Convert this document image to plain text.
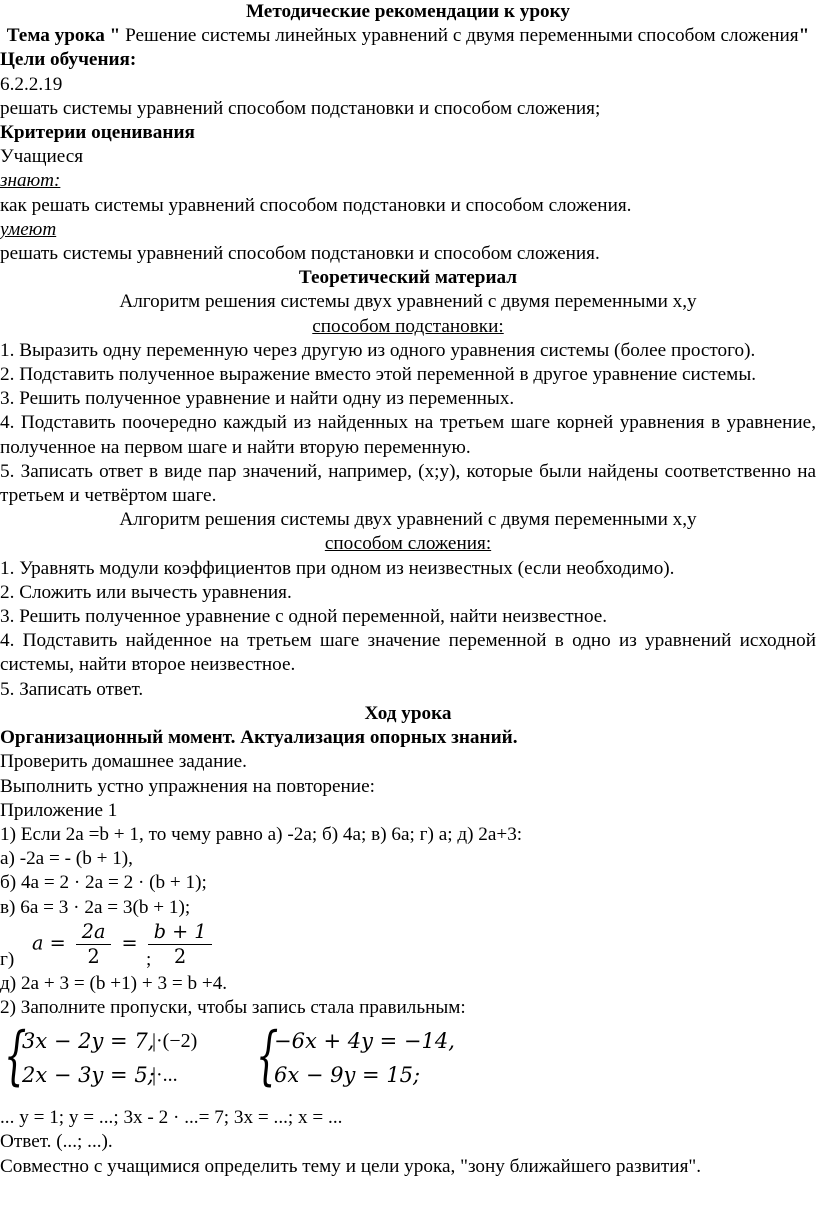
Методические рекомендации к уроку

Тема урока " Решение системы линейных уравнений с двумя переменными способом сложения"

Цели обучения:

6.2.2.19

решать системы уравнений способом подстановки и способом сложения;

Критерии оценивания

Учащиеся

знают:

как решать системы уравнений способом подстановки и способом сложения.

умеют

решать системы уравнений способом подстановки и способом сложения.

Теоретический материал

Алгоритм решения системы двух уравнений с двумя переменными x,y

способом подстановки:

1. Выразить одну переменную через другую из одного уравнения системы (более простого).

2. Подставить полученное выражение вместо этой переменной в другое уравнение системы.

3. Решить полученное уравнение и найти одну из переменных.

4. Подставить поочередно каждый из найденных на третьем шаге корней уравнения в уравнение, полученное на первом шаге и найти вторую переменную.

5. Записать ответ в виде пар значений, например, (x;y), которые были найдены соответственно на третьем и четвёртом шаге.

Алгоритм решения системы двух уравнений с двумя переменными x,y

способом сложения:

1. Уравнять модули коэффициентов при одном из неизвестных (если необходимо).

2. Сложить или вычесть уравнения.

3. Решить полученное уравнение с одной переменной, найти неизвестное.

4. Подставить найденное на третьем шаге значение переменной в одно из уравнений исходной системы, найти второе неизвестное.

5. Записать ответ.

Ход урока

Организационный момент. Актуализация опорных знаний.

Проверить домашнее задание.

Выполнить устно упражнения на повторение:

Приложение 1

1) Если 2a =b + 1, то чему равно а) -2a; б) 4a; в) 6a; г) a; д) 2a+3:

а) -2a = - (b + 1),

б) 4a = 2 · 2a = 2 · (b + 1);

в) 6a = 3 · 2a = 3(b + 1);

г)
$a = \frac{2a}{2} = \frac{b + 1}{2}$
;

д) 2a + 3 = (b +1) + 3 = b +4.

2) Заполните пропуски, чтобы запись стала правильным:

{
3x − 2y = 7,
2x − 3y = 5;
|·(−2)
|·...	{
−6x + 4y = −14,
6x − 9y = 15;

... y = 1; y = ...; 3x - 2 · ...= 7; 3x = ...; x = ...

Ответ. (...; ...).

Совместно с учащимися определить тему и цели урока, "зону ближайшего развития".
